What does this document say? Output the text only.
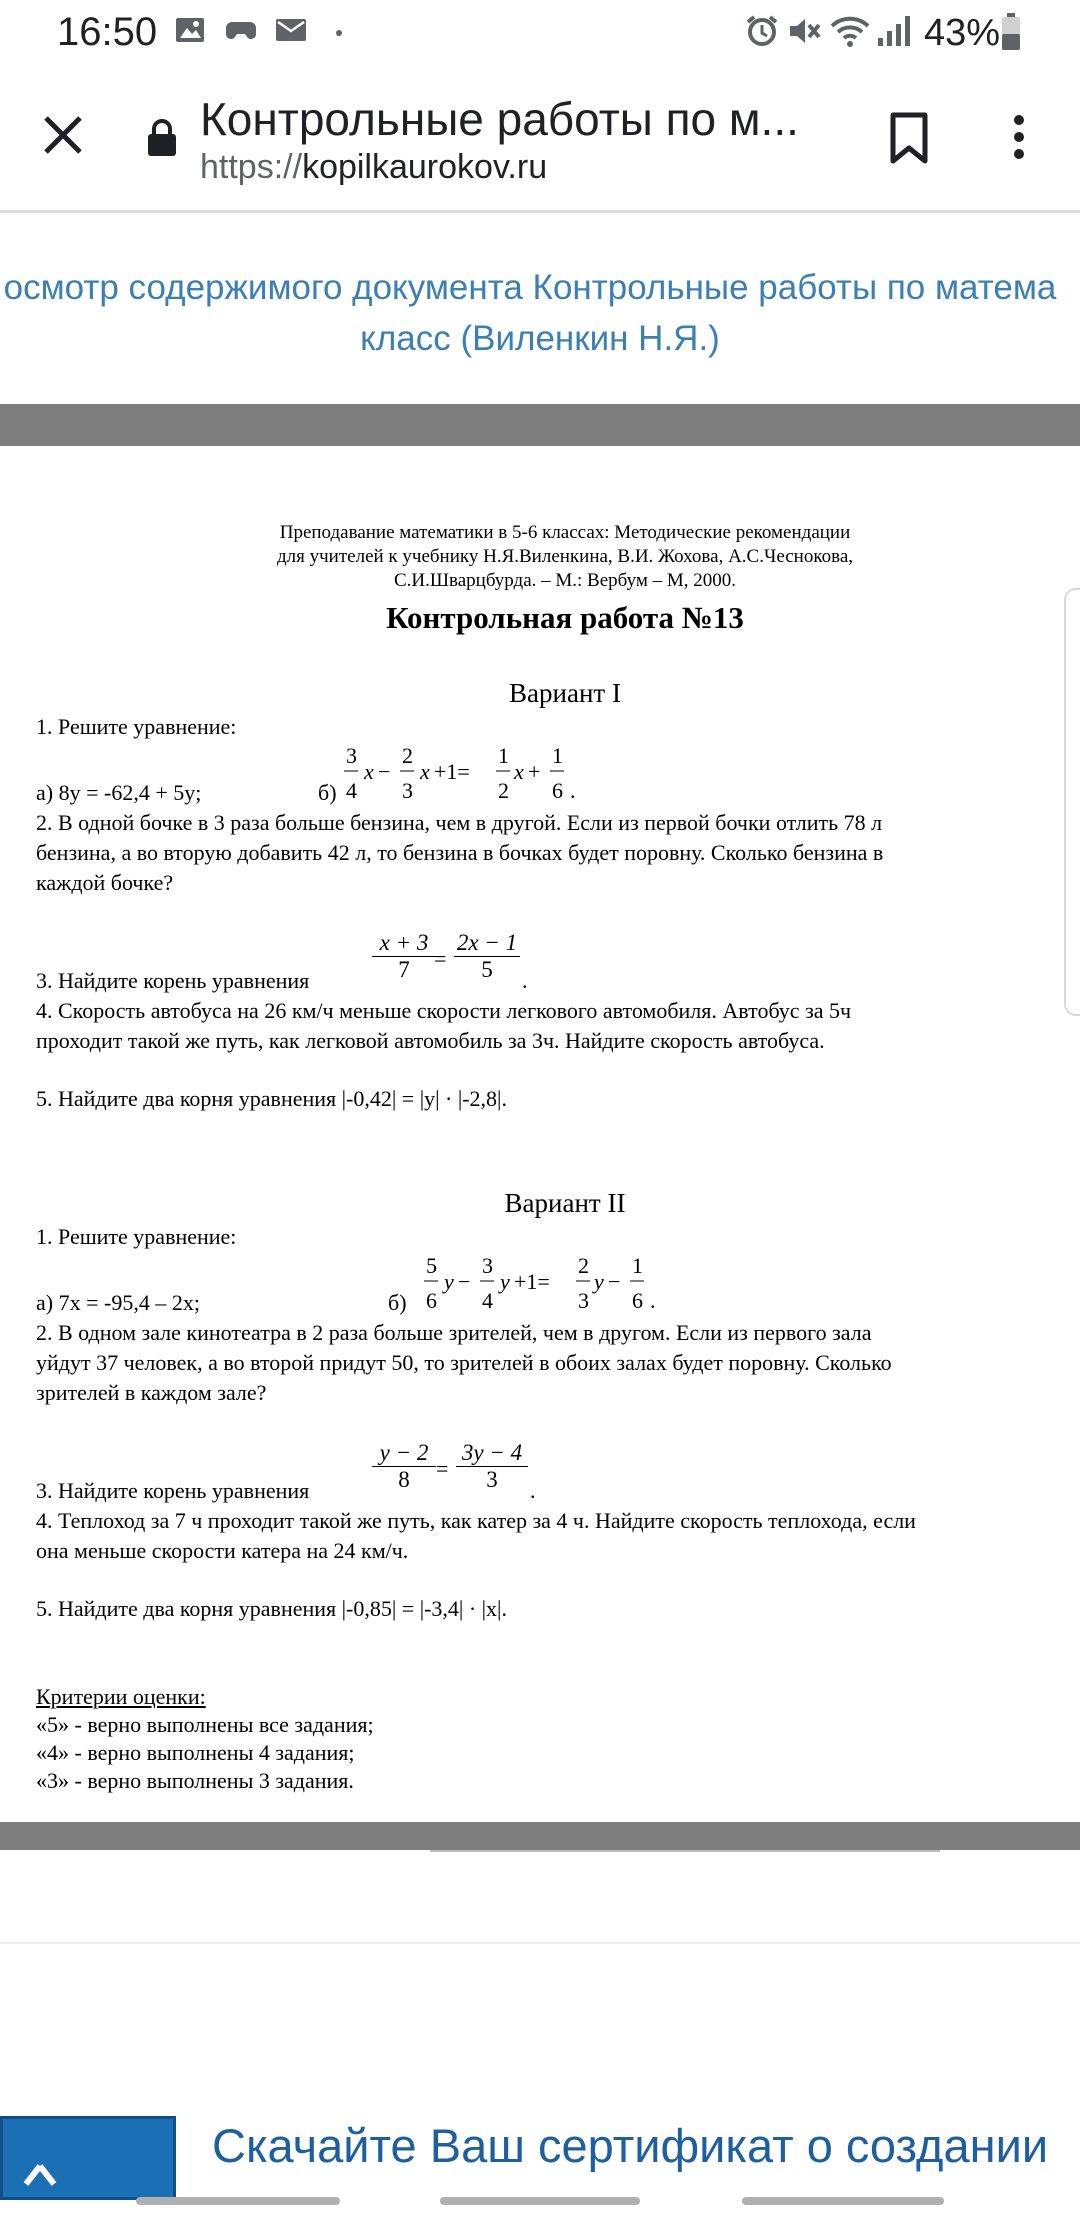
16:50	43%
Контрольные работы по м...
https://kopilkaurokov.ru
осмотр содержимого документа Контрольные работы по матема
класс (Виленкин Н.Я.)
Преподавание математики в 5-6 классах: Методические рекомендации
для учителей к учебнику Н.Я.Виленкина, В.И. Жохова, А.С.Чеснокова,
С.И.Шварцбурда. – М.: Вербум – М, 2000.
Контрольная работа №13
Вариант I
1. Решите уравнение:
а) 8y = -62,4 + 5y;	б)
3
4
x −
2
3
x +1=
1
2
x +
1
6 .
2. В одной бочке в 3 раза больше бензина, чем в другой. Если из первой бочки отлить 78 л
бензина, а во вторую добавить 42 л, то бензина в бочках будет поровну. Сколько бензина в
каждой бочке?
3. Найдите корень уравнения
x + 3
7	=
2x − 1
5	.
4. Скорость автобуса на 26 км/ч меньше скорости легкового автомобиля. Автобус за 5ч
проходит такой же путь, как легковой автомобиль за 3ч. Найдите скорость автобуса.
5. Найдите два корня уравнения |-0,42| = |y| · |-2,8|.
Вариант II
1. Решите уравнение:
а) 7x = -95,4 – 2x;	б)
5
6
y −
3
4
y +1=
2
3
y −
1
6 .
2. В одном зале кинотеатра в 2 раза больше зрителей, чем в другом. Если из первого зала
уйдут 37 человек, а во второй придут 50, то зрителей в обоих залах будет поровну. Сколько
зрителей в каждом зале?
3. Найдите корень уравнения
y − 2
8	=
3y − 4
3	.
4. Теплоход за 7 ч проходит такой же путь, как катер за 4 ч. Найдите скорость теплохода, если
она меньше скорости катера на 24 км/ч.
5. Найдите два корня уравнения |-0,85| = |-3,4| · |x|.
Критерии оценки:
«5» - верно выполнены все задания;
«4» - верно выполнены 4 задания;
«3» - верно выполнены 3 задания.
Скачайте Ваш сертификат о создании
